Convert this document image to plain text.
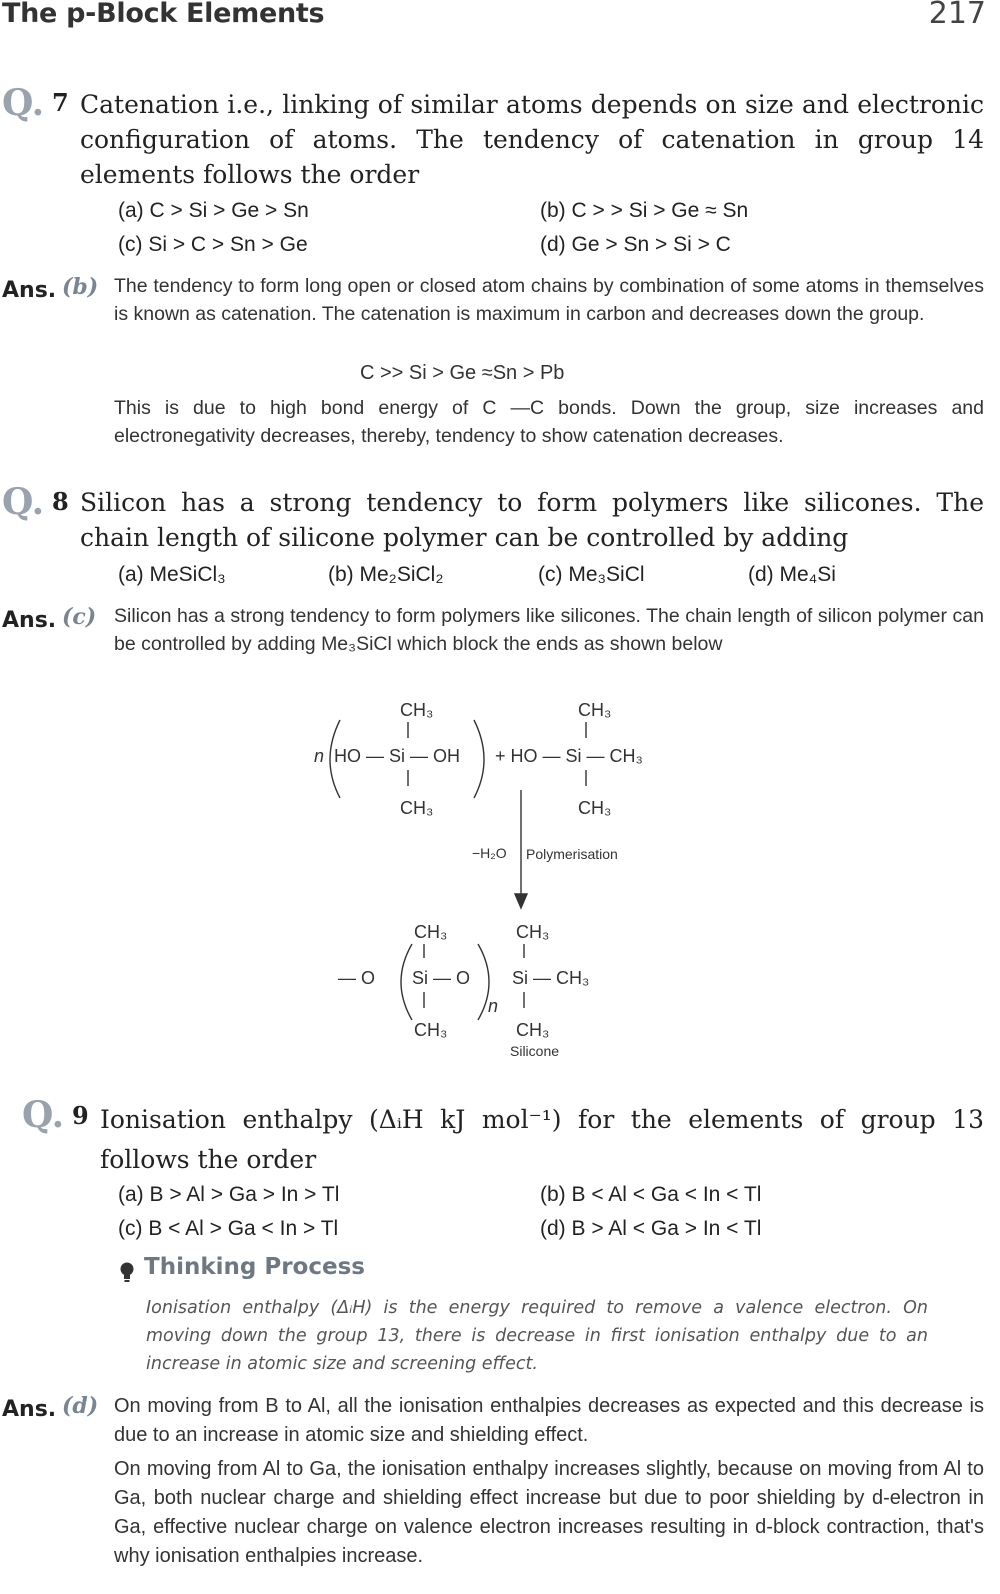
The p-Block Elements	217
Q. 7 Catenation i.e., linking of similar atoms depends on size and electronic configuration of atoms. The tendency of catenation in group 14 elements follows the order
(a) C > Si > Ge > Sn	(b) C > > Si > Ge ≈ Sn
(c) Si > C > Sn > Ge	(d) Ge > Sn > Si > C
Ans. (b) The tendency to form long open or closed atom chains by combination of some atoms in themselves is known as catenation. The catenation is maximum in carbon and decreases down the group.

C >> Si > Ge ≈Sn > Pb

This is due to high bond energy of C —C bonds. Down the group, size increases and electronegativity decreases, thereby, tendency to show catenation decreases.

Q. 8 Silicon has a strong tendency to form polymers like silicones. The chain length of silicone polymer can be controlled by adding
(a) MeSiCl₃	(b) Me₂SiCl₂	(c) Me₃SiCl	(d) Me₄Si
Ans. (c) Silicon has a strong tendency to form polymers like silicones. The chain length of silicon polymer can be controlled by adding Me₃SiCl which block the ends as shown below

CH₃
n HO — Si — OH
CH₃
CH₃
+ HO — Si — CH₃
CH₃
−H₂O Polymerisation
CH₃	CH₃
— O Si — O
n
Si — CH₃
CH₃	CH₃
Silicone
Q. 9 Ionisation enthalpy (ΔᵢH kJ mol⁻¹) for the elements of group 13 follows the order
(a) B > Al > Ga > In > Tl	(b) B < Al < Ga < In < Tl
(c) B < Al > Ga < In > Tl	(d) B > Al < Ga > In < Tl
Thinking Process
Ionisation enthalpy (ΔᵢH) is the energy required to remove a valence electron. On moving down the group 13, there is decrease in first ionisation enthalpy due to an increase in atomic size and screening effect.
Ans. (d) On moving from B to Al, all the ionisation enthalpies decreases as expected and this decrease is due to an increase in atomic size and shielding effect.

On moving from Al to Ga, the ionisation enthalpy increases slightly, because on moving from Al to Ga, both nuclear charge and shielding effect increase but due to poor shielding by d-electron in Ga, effective nuclear charge on valence electron increases resulting in d-block contraction, that's why ionisation enthalpies increase.
